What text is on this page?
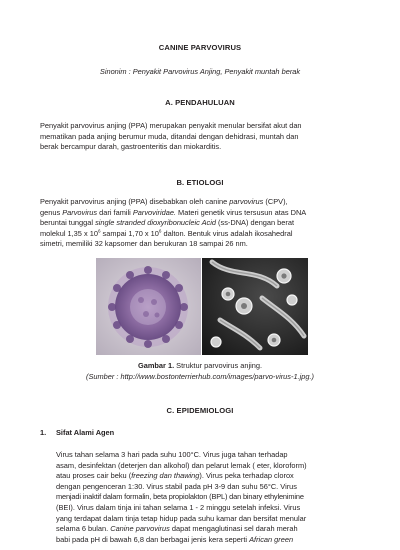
CANINE PARVOVIRUS
Sinonim : Penyakit Parvovirus Anjing, Penyakit muntah berak
A. PENDAHULUAN
Penyakit parvovirus anjing (PPA) merupakan penyakit menular bersifat akut dan
mematikan pada anjing berumur muda, ditandai dengan dehidrasi, muntah dan
berak bercampur darah, gastroenteritis dan miokarditis.
B. ETIOLOGI
Penyakit parvovirus anjing (PPA) disebabkan oleh canine parvovirus (CPV),
genus Parvovirus dari famili Parvoviridae. Materi genetik virus tersusun atas DNA
beruntai tunggal single stranded dioxyribonucleic Acid (ss-DNA) dengan berat
molekul 1,35 x $10^6$ sampai 1,70 x $10^6$ dalton. Bentuk virus adalah ikosahedral
simetri, memiliki 32 kapsomer dan berukuran 18 sampai 26 nm.
Gambar 1. Struktur parvovirus anjing.
(Sumber : http://www.bostonterrierhub.com/images/parvo-virus-1.jpg.)
C. EPIDEMIOLOGI
1. Sifat Alami Agen
Virus tahan selama 3 hari pada suhu 100°C. Virus juga tahan terhadap
asam, desinfektan (deterjen dan alkohol) dan pelarut lemak ( eter, kloroform)
atau proses cair beku (freezing dan thawing). Virus peka terhadap clorox
dengan pengenceran 1:30. Virus stabil pada pH 3-9 dan suhu 56°C. Virus
menjadi inaktif dalam formalin, beta propiolakton (BPL) dan binary ethylenimine
(BEI). Virus dalam tinja ini tahan selama 1 - 2 minggu setelah infeksi. Virus
yang terdapat dalam tinja tetap hidup pada suhu kamar dan bersifat menular
selama 6 bulan. Canine parvovirus dapat mengaglutinasi sel darah merah
babi pada pH di bawah 6,8 dan berbagai jenis kera seperti African green
